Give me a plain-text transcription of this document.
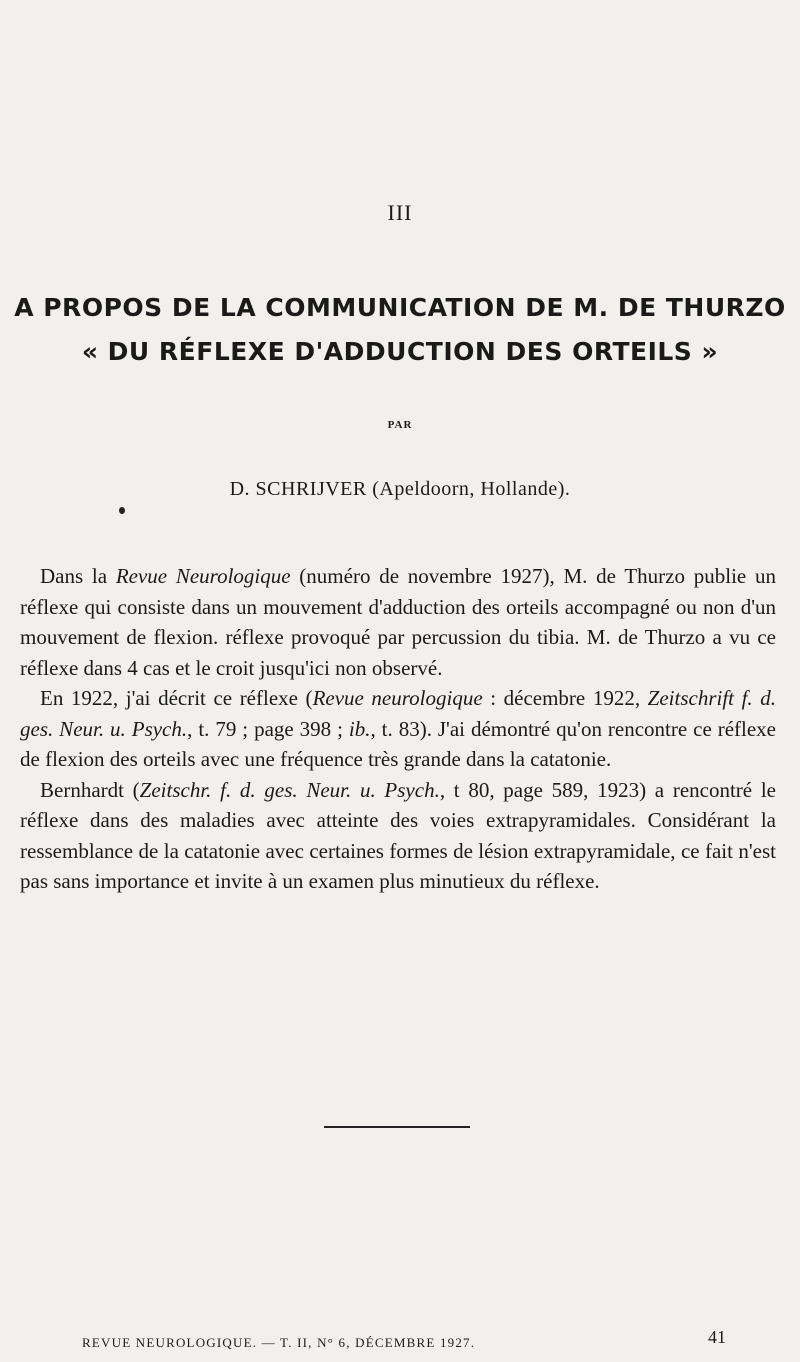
III
A PROPOS DE LA COMMUNICATION DE M. DE THURZO
« DU RÉFLEXE D'ADDUCTION DES ORTEILS »
PAR
D. SCHRIJVER (Apeldoorn, Hollande).

Dans la Revue Neurologique (numéro de novembre 1927), M. de Thurzo publie un réflexe qui consiste dans un mouvement d'adduction des orteils accompagné ou non d'un mouvement de flexion. réflexe provoqué par percussion du tibia. M. de Thurzo a vu ce réflexe dans 4 cas et le croit jusqu'ici non observé.

En 1922, j'ai décrit ce réflexe (Revue neurologique : décembre 1922, Zeitschrift f. d. ges. Neur. u. Psych., t. 79 ; page 398 ; ib., t. 83). J'ai démontré qu'on rencontre ce réflexe de flexion des orteils avec une fréquence très grande dans la catatonie.

Bernhardt (Zeitschr. f. d. ges. Neur. u. Psych., t 80, page 589, 1923) a rencontré le réflexe dans des maladies avec atteinte des voies extrapyramidales. Considérant la ressemblance de la catatonie avec certaines formes de lésion extrapyramidale, ce fait n'est pas sans importance et invite à un examen plus minutieux du réflexe.

REVUE NEUROLOGIQUE. — T. II, N° 6, DÉCEMBRE 1927.	41
